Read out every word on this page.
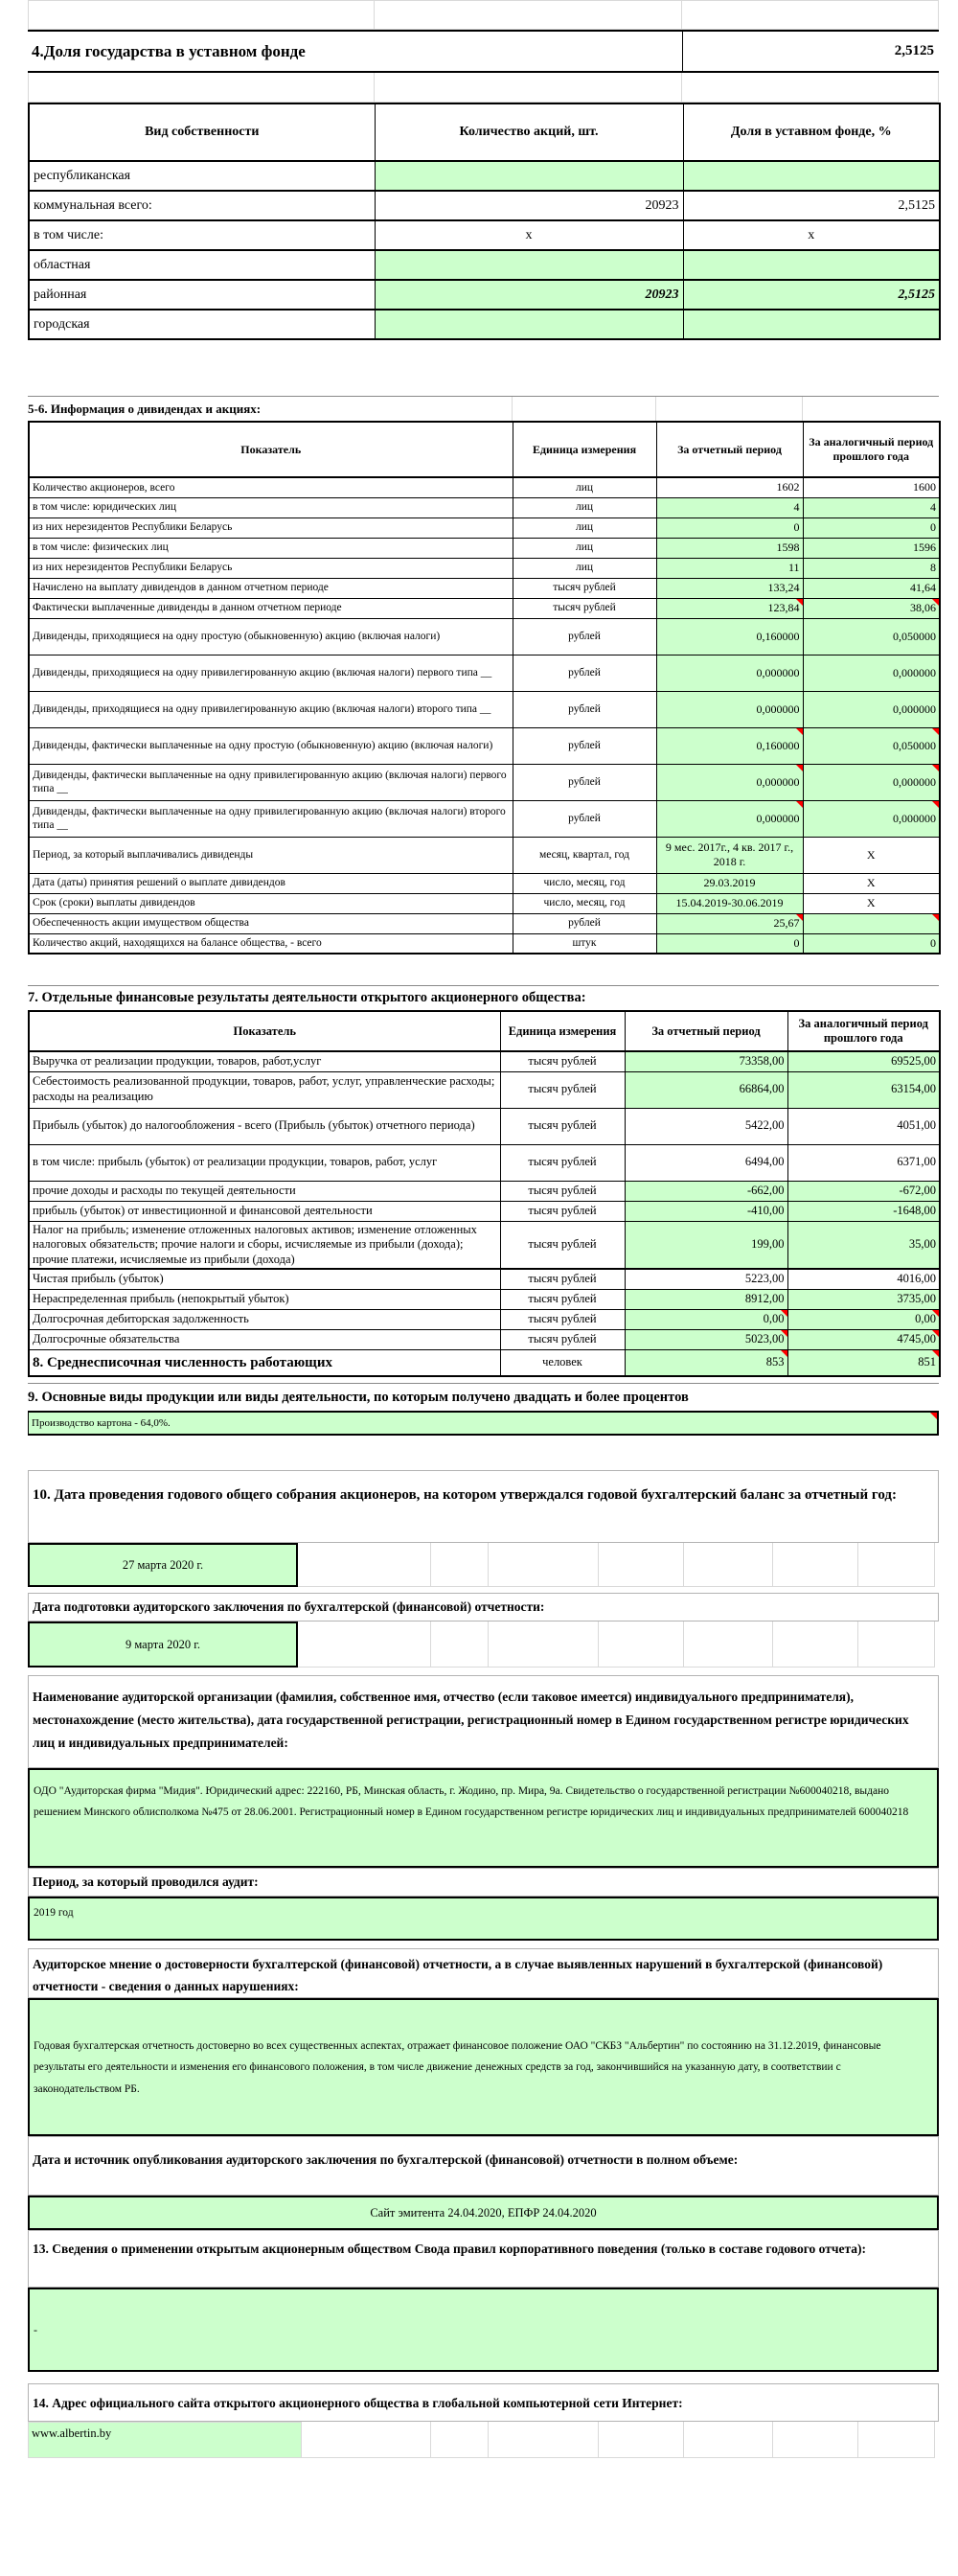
4.Доля государства в уставном фонде	2,5125
Вид собственности	Количество акций, шт.	Доля в уставном фонде, %
республиканская		
коммунальная всего:	20923	2,5125
в том числе:	x	x
областная		
районная	20923	2,5125
городская		
5-6. Информация о дивидендах и акциях:
Показатель	Единица измерения	За отчетный период	За аналогичный период прошлого года
Количество акционеров, всего	лиц	1602	1600
в том числе: юридических лиц	лиц	4	4
из них нерезидентов Республики Беларусь	лиц	0	0
в том числе: физических лиц	лиц	1598	1596
из них нерезидентов Республики Беларусь	лиц	11	8
Начислено на выплату дивидендов в данном отчетном периоде	тысяч рублей	133,24	41,64
Фактически выплаченные дивиденды в данном отчетном периоде	тысяч рублей	123,84	38,06
Дивиденды, приходящиеся на одну простую (обыкновенную) акцию (включая налоги)	рублей	0,160000	0,050000
Дивиденды, приходящиеся на одну привилегированную акцию (включая налоги) первого типа __	рублей	0,000000	0,000000
Дивиденды, приходящиеся на одну привилегированную акцию (включая налоги) второго типа __	рублей	0,000000	0,000000
Дивиденды, фактически выплаченные на одну простую (обыкновенную) акцию (включая налоги)	рублей	0,160000	0,050000
Дивиденды, фактически выплаченные на одну привилегированную акцию (включая налоги) первого типа __	рублей	0,000000	0,000000
Дивиденды, фактически выплаченные на одну привилегированную акцию (включая налоги) второго типа __	рублей	0,000000	0,000000
Период, за который выплачивались дивиденды	месяц, квартал, год	9 мес. 2017г., 4 кв. 2017 г., 2018 г.	X
Дата (даты) принятия решений о выплате дивидендов	число, месяц, год	29.03.2019	X
Срок (сроки) выплаты дивидендов	число, месяц, год	15.04.2019-30.06.2019	X
Обеспеченность акции имуществом общества	рублей	25,67	
Количество акций, находящихся на балансе общества, - всего	штук	0	0
7. Отдельные финансовые результаты деятельности открытого акционерного общества:
Показатель	Единица измерения	За отчетный период	За аналогичный период прошлого года
Выручка от реализации продукции, товаров, работ,услуг	тысяч рублей	73358,00	69525,00
Себестоимость реализованной продукции, товаров, работ, услуг, управленческие расходы; расходы на реализацию	тысяч рублей	66864,00	63154,00
Прибыль (убыток) до налогообложения - всего (Прибыль (убыток) отчетного периода)	тысяч рублей	5422,00	4051,00
в том числе: прибыль (убыток) от реализации продукции, товаров, работ, услуг	тысяч рублей	6494,00	6371,00
прочие доходы и расходы по текущей деятельности	тысяч рублей	-662,00	-672,00
прибыль (убыток) от инвестиционной и финансовой деятельности	тысяч рублей	-410,00	-1648,00
Налог на прибыль; изменение отложенных налоговых активов; изменение отложенных налоговых обязательств; прочие налоги и сборы, исчисляемые из прибыли (дохода); прочие платежи, исчисляемые из прибыли (дохода)	тысяч рублей	199,00	35,00
Чистая прибыль (убыток)	тысяч рублей	5223,00	4016,00
Нераспределенная прибыль (непокрытый убыток)	тысяч рублей	8912,00	3735,00
Долгосрочная дебиторская задолженность	тысяч рублей	0,00	0,00
Долгосрочные обязательства	тысяч рублей	5023,00	4745,00
8. Среднесписочная численность работающих	человек	853	851
9. Основные виды продукции или виды деятельности, по которым получено двадцать и более процентов
Производство картона - 64,0%.
10. Дата проведения годового общего собрания акционеров, на котором утверждался годовой бухгалтерский баланс за отчетный год:
27 марта 2020 г.
Дата подготовки аудиторского заключения по бухгалтерской (финансовой) отчетности:
9 марта 2020 г.
Наименование аудиторской организации (фамилия, собственное имя, отчество (если таковое имеется) индивидуального предпринимателя), местонахождение (место жительства), дата государственной регистрации, регистрационный номер в Едином государственном регистре юридических лиц и индивидуальных предпринимателей:
ОДО "Аудиторская фирма "Мидия". Юридический адрес: 222160, РБ, Минская область, г. Жодино, пр. Мира, 9а. Свидетельство о государственной регистрации №600040218, выдано решением Минского облисполкома №475 от 28.06.2001. Регистрационный номер в Едином государственном регистре юридических лиц и индивидуальных предпринимателей 600040218
Период, за который проводился аудит:
2019 год
Аудиторское мнение о достоверности бухгалтерской (финансовой) отчетности, а в случае выявленных нарушений в бухгалтерской (финансовой) отчетности - сведения о данных нарушениях:
Годовая бухгалтерская отчетность достоверно во всех существенных аспектах, отражает финансовое положение ОАО "СКБЗ "Альбертин" по состоянию на 31.12.2019, финансовые результаты его деятельности и изменения его финансового положения, в том числе движение денежных средств за год, закончившийся на указанную дату, в соответствии с законодательством РБ.
Дата и источник опубликования аудиторского заключения по бухгалтерской (финансовой) отчетности в полном объеме:
Сайт эмитента 24.04.2020, ЕПФР 24.04.2020
13. Сведения о применении открытым акционерным обществом Свода правил корпоративного поведения (только в составе годового отчета):
-
14. Адрес официального сайта открытого акционерного общества в глобальной компьютерной сети Интернет:
www.albertin.by
